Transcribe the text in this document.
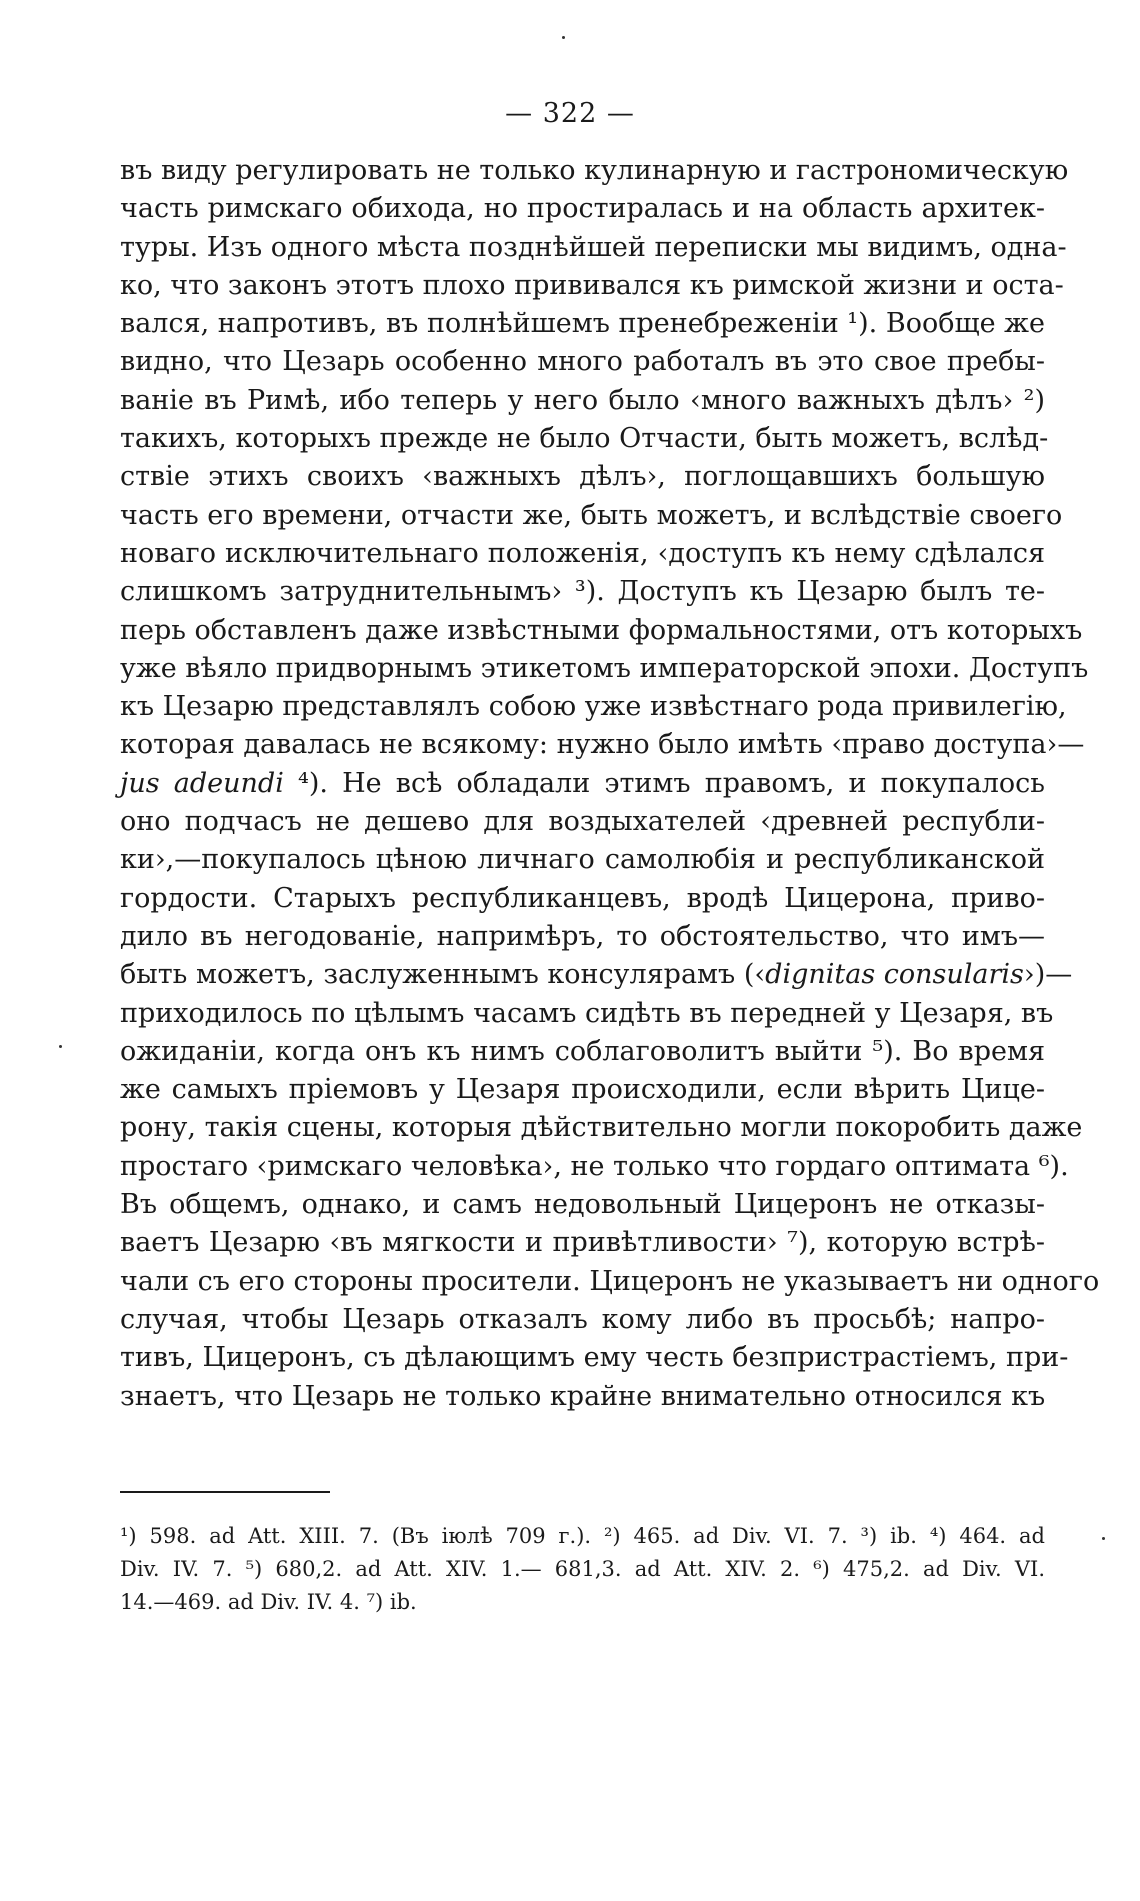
— 322 —
въ виду регулировать не только кулинарную и гастрономическую
часть римскаго обихода, но простиралась и на область архитек-
туры. Изъ одного мѣста позднѣйшей переписки мы видимъ, одна-
ко, что законъ этотъ плохо прививался къ римской жизни и оста-
вался, напротивъ, въ полнѣйшемъ пренебреженіи ¹). Вообще же
видно, что Цезарь особенно много работалъ въ это свое пребы-
ваніе въ Римѣ, ибо теперь у него было ‹много важныхъ дѣлъ› ²)
такихъ, которыхъ прежде не было Отчасти, быть можетъ, вслѣд-
ствіе этихъ своихъ ‹важныхъ дѣлъ›, поглощавшихъ большую
часть его времени, отчасти же, быть можетъ, и вслѣдствіе своего
новаго исключительнаго положенія, ‹доступъ къ нему сдѣлался
слишкомъ затруднительнымъ› ³). Доступъ къ Цезарю былъ те-
перь обставленъ даже извѣстными формальностями, отъ которыхъ
уже вѣяло придворнымъ этикетомъ императорской эпохи. Доступъ
къ Цезарю представлялъ собою уже извѣстнаго рода привилегію,
которая давалась не всякому: нужно было имѣть ‹право доступа›—
jus adeundi ⁴). Не всѣ обладали этимъ правомъ, и покупалось
оно подчасъ не дешево для воздыхателей ‹древней республи-
ки›,—покупалось цѣною личнаго самолюбія и республиканской
гордости. Старыхъ республиканцевъ, вродѣ Цицерона, приво-
дило въ негодованіе, напримѣръ, то обстоятельство, что имъ—
быть можетъ, заслуженнымъ консулярамъ (‹dignitas consularis›)—
приходилось по цѣлымъ часамъ сидѣть въ передней у Цезаря, въ
ожиданіи, когда онъ къ нимъ соблаговолитъ выйти ⁵). Во время
же самыхъ пріемовъ у Цезаря происходили, если вѣрить Цице-
рону, такія сцены, которыя дѣйствительно могли покоробить даже
простаго ‹римскаго человѣка›, не только что гордаго оптимата ⁶).
Въ общемъ, однако, и самъ недовольный Цицеронъ не отказы-
ваетъ Цезарю ‹въ мягкости и привѣтливости› ⁷), которую встрѣ-
чали съ его стороны просители. Цицеронъ не указываетъ ни одного
случая, чтобы Цезарь отказалъ кому либо въ просьбѣ; напро-
тивъ, Цицеронъ, съ дѣлающимъ ему честь безпристрастіемъ, при-
знаетъ, что Цезарь не только крайне внимательно относился къ
¹) 598. ad Att. XIII. 7. (Въ іюлѣ 709 г.). ²) 465. ad Div. VI. 7. ³) ib. ⁴) 464. ad
Div. IV. 7. ⁵) 680,2. ad Att. XIV. 1.— 681,3. ad Att. XIV. 2. ⁶) 475,2. ad Div. VI.
14.—469. ad Div. IV. 4. ⁷) ib.
